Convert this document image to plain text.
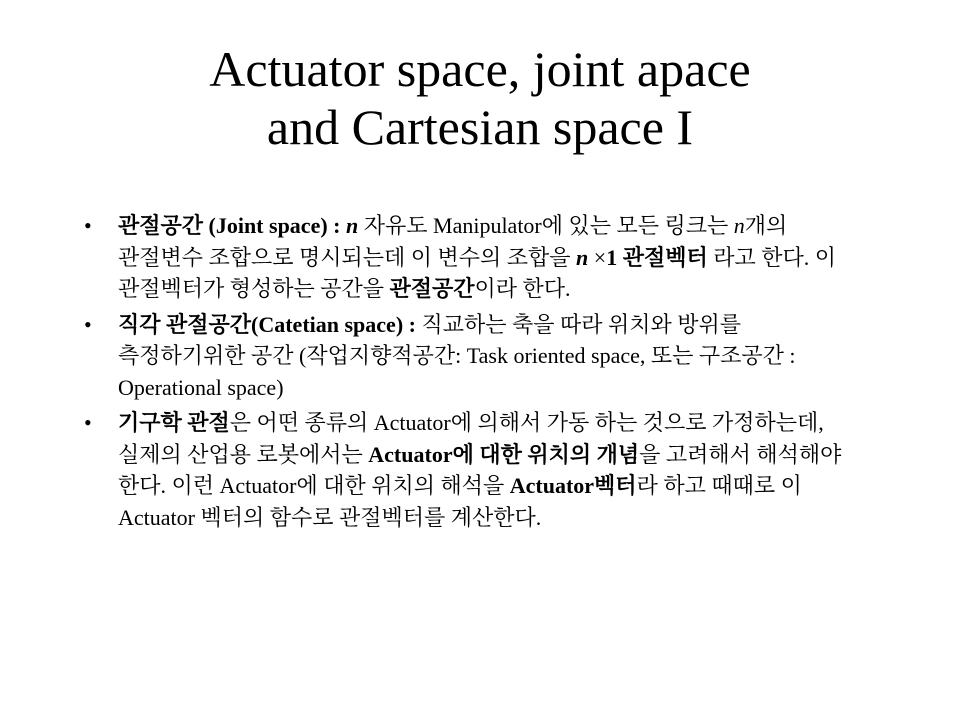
Actuator space, joint apace
and Cartesian space I
• 관절공간 (Joint space) : n 자유도 Manipulator에 있는 모든 링크는 n개의 관절변수 조합으로 명시되는데 이 변수의 조합을 n ×1 관절벡터 라고 한다. 이 관절벡터가 형성하는 공간을 관절공간이라 한다.
• 직각 관절공간(Catetian space) : 직교하는 축을 따라 위치와 방위를 측정하기위한 공간 (작업지향적공간: Task oriented space, 또는 구조공간 : Operational space)
• 기구학 관절은 어떤 종류의 Actuator에 의해서 가동 하는 것으로 가정하는데, 실제의 산업용 로봇에서는 Actuator에 대한 위치의 개념을 고려해서 해석해야 한다. 이런 Actuator에 대한 위치의 해석을 Actuator벡터라 하고 때때로 이 Actuator 벡터의 함수로 관절벡터를 계산한다.
